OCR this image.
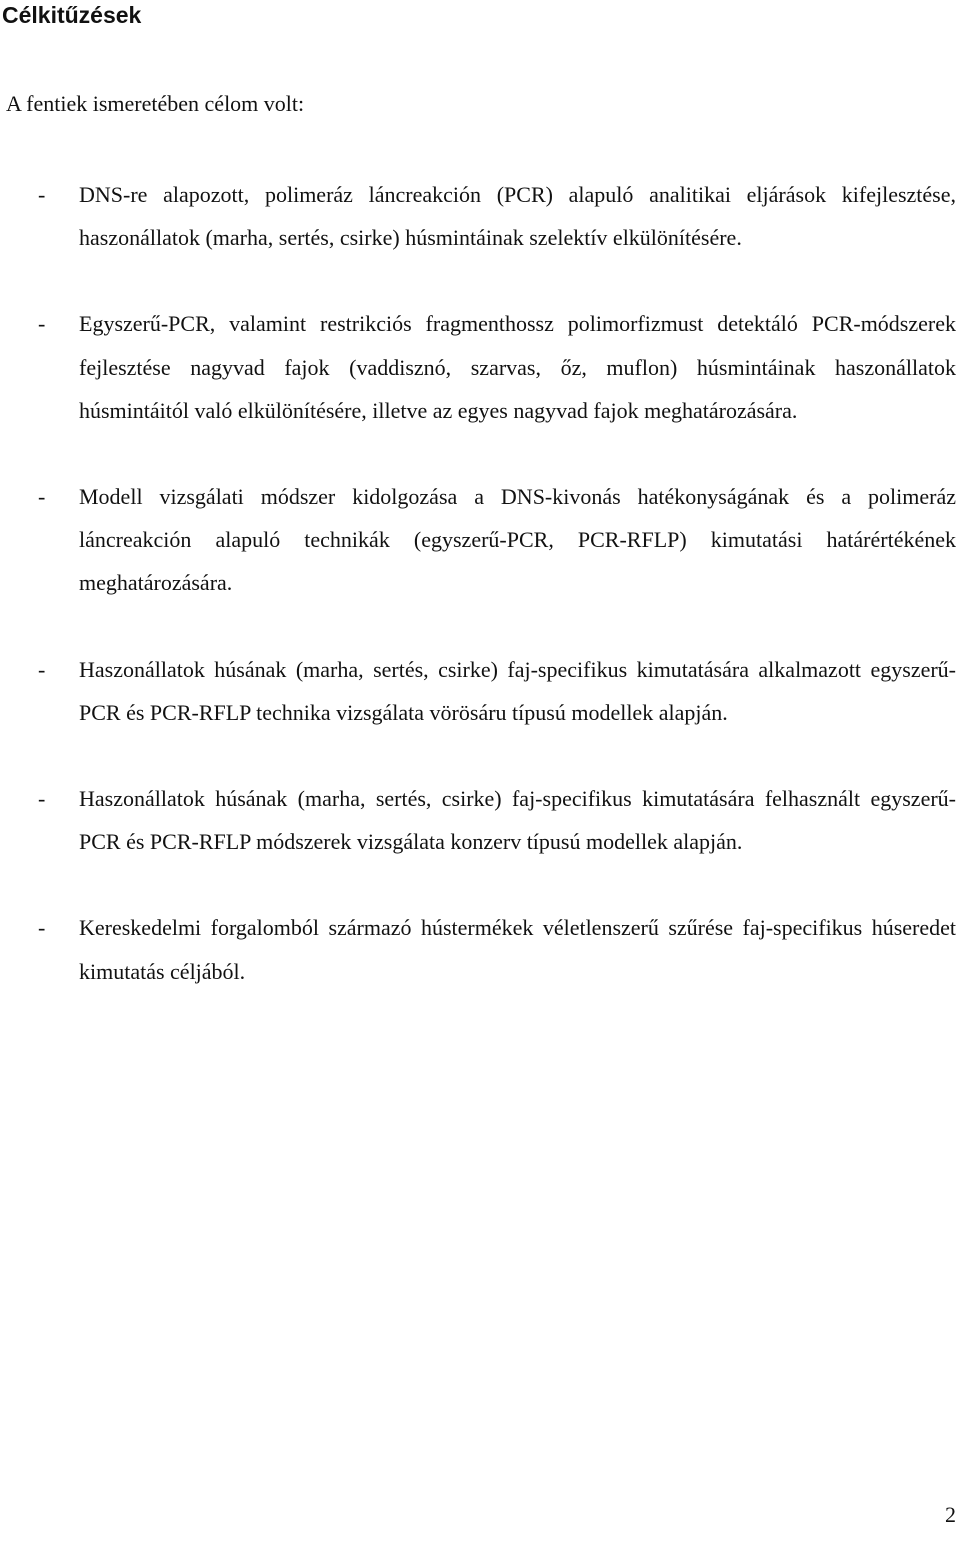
Célkitűzések

A fentiek ismeretében célom volt:

- DNS-re alapozott, polimeráz láncreakción (PCR) alapuló analitikai eljárások kifejlesztése, haszonállatok (marha, sertés, csirke) húsmintáinak szelektív elkülönítésére.
- Egyszerű-PCR, valamint restrikciós fragmenthossz polimorfizmust detektáló PCR-módszerek fejlesztése nagyvad fajok (vaddisznó, szarvas, őz, muflon) húsmintáinak haszonállatok húsmintáitól való elkülönítésére, illetve az egyes nagyvad fajok meghatározására.
- Modell vizsgálati módszer kidolgozása a DNS-kivonás hatékonyságának és a polimeráz láncreakción alapuló technikák (egyszerű-PCR, PCR-RFLP) kimutatási határértékének meghatározására.
- Haszonállatok húsának (marha, sertés, csirke) faj-specifikus kimutatására alkalmazott egyszerű-PCR és PCR-RFLP technika vizsgálata vörösáru típusú modellek alapján.
- Haszonállatok húsának (marha, sertés, csirke) faj-specifikus kimutatására felhasznált egyszerű-PCR és PCR-RFLP módszerek vizsgálata konzerv típusú modellek alapján.
- Kereskedelmi forgalomból származó hústermékek véletlenszerű szűrése faj-specifikus húseredet kimutatás céljából.
2
